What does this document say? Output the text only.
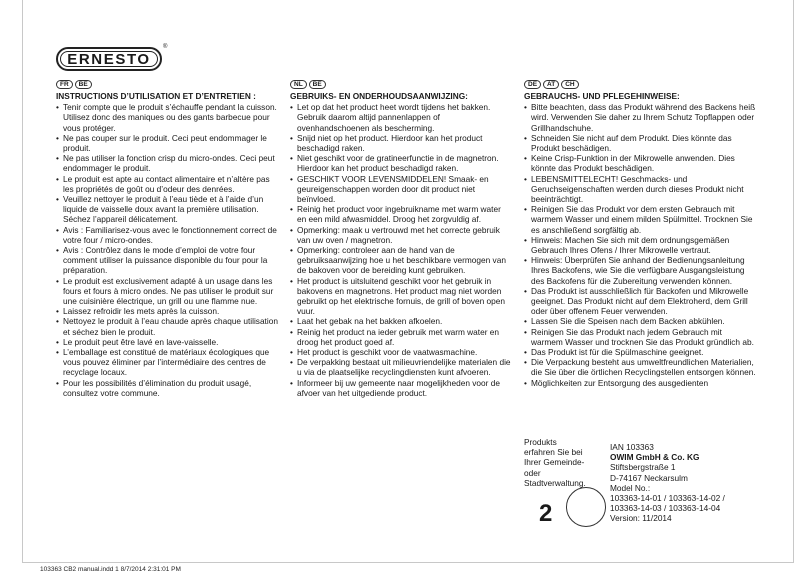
ERNESTO
®
FR	BE
INSTRUCTIONS D’UTILISATION ET D’ENTRETIEN :
• Tenir compte que le produit s’échauffe pendant la cuisson. Utilisez donc des maniques ou des gants barbecue pour vous protéger.
• Ne pas couper sur le produit. Ceci peut endommager le produit.
• Ne pas utiliser la fonction crisp du micro-ondes. Ceci peut endommager le produit.
• Le produit est apte au contact alimentaire et n’altère pas les propriétés de goût ou d’odeur des denrées.
• Veuillez nettoyer le produit à l’eau tiède et à l’aide d’un liquide de vaisselle doux avant la première utilisation. Séchez l’appareil délicatement.
• Avis : Familiarisez-vous avec le fonctionnement correct de votre four / micro-ondes.
• Avis : Contrôlez dans le mode d’emploi de votre four comment utiliser la puissance disponible du four pour la préparation.
• Le produit est exclusivement adapté à un usage dans les fours et fours à micro ondes. Ne pas utiliser le produit sur une cuisinière électrique, un grill ou une flamme nue.
• Laissez refroidir les mets après la cuisson.
• Nettoyez le produit à l’eau chaude après chaque utilisation et séchez bien le produit.
• Le produit peut être lavé en lave-vaisselle.
• L’emballage est constitué de matériaux écologiques que vous pouvez éliminer par l’intermédiaire des centres de recyclage locaux.
• Pour les possibilités d’élimination du produit usagé, consultez votre commune.
NL	BE
GEBRUIKS- EN ONDERHOUDSAANWIJZING:
• Let op dat het product heet wordt tijdens het bakken. Gebruik daarom altijd pannenlappen of ovenhandschoenen als bescherming.
• Snijd niet op het product. Hierdoor kan het product beschadigd raken.
• Niet geschikt voor de gratineerfunctie in de magnetron. Hierdoor kan het product beschadigd raken.
• GESCHIKT VOOR LEVENSMIDDELEN! Smaak- en geureigenschappen worden door dit product niet beïnvloed.
• Reinig het product voor ingebruikname met warm water en een mild afwasmiddel. Droog het zorgvuldig af.
• Opmerking: maak u vertrouwd met het correcte gebruik van uw oven / magnetron.
• Opmerking: controleer aan de hand van de gebruiksaanwijzing hoe u het beschikbare vermogen van de bakoven voor de bereiding kunt gebruiken.
• Het product is uitsluitend geschikt voor het gebruik in bakovens en magnetrons. Het product mag niet worden gebruikt op het elektrische fornuis, de grill of boven open vuur.
• Laat het gebak na het bakken afkoelen.
• Reinig het product na ieder gebruik met warm water en droog het product goed af.
• Het product is geschikt voor de vaatwasmachine.
• De verpakking bestaat uit milieuvriendelijke materialen die u via de plaatselijke recyclingdiensten kunt afvoeren.
• Informeer bij uw gemeente naar mogelijkheden voor de afvoer van het uitgediende product.
DE	AT	CH
GEBRAUCHS- UND PFLEGEHINWEISE:
• Bitte beachten, dass das Produkt während des Backens heiß wird. Verwenden Sie daher zu Ihrem Schutz Topflappen oder Grillhandschuhe.
• Schneiden Sie nicht auf dem Produkt. Dies könnte das Produkt beschädigen.
• Keine Crisp-Funktion in der Mikrowelle anwenden. Dies könnte das Produkt beschädigen.
• LEBENSMITTELECHT! Geschmacks- und Geruchseigenschaften werden durch dieses Produkt nicht beeinträchtigt.
• Reinigen Sie das Produkt vor dem ersten Gebrauch mit warmem Wasser und einem milden Spülmittel. Trocknen Sie es anschließend sorgfältig ab.
• Hinweis: Machen Sie sich mit dem ordnungsgemäßen Gebrauch Ihres Ofens / Ihrer Mikrowelle vertraut.
• Hinweis: Überprüfen Sie anhand der Bedienungsanleitung Ihres Backofens, wie Sie die verfügbare Ausgangsleistung des Backofens für die Zubereitung verwenden können.
• Das Produkt ist ausschließlich für Backofen und Mikrowelle geeignet. Das Produkt nicht auf dem Elektroherd, dem Grill oder über offenem Feuer verwenden.
• Lassen Sie die Speisen nach dem Backen abkühlen.
• Reinigen Sie das Produkt nach jedem Gebrauch mit warmem Wasser und trocknen Sie das Produkt gründlich ab.
• Das Produkt ist für die Spülmaschine geeignet.
• Die Verpackung besteht aus umweltfreundlichen Materialien, die Sie über die örtlichen Recyclingstellen entsorgen können.
• Möglichkeiten zur Entsorgung des ausgedienten
Produkts erfahren Sie bei Ihrer Gemeinde- oder Stadtverwaltung.
IAN 103363
OWIM GmbH & Co. KG
Stiftsbergstraße 1
D-74167 Neckarsulm
Model No.:
103363-14-01 / 103363-14-02 /
103363-14-03 / 103363-14-04
Version: 11/2014
2
103363 CB2 manual.indd 1 8/7/2014 2:31:01 PM
